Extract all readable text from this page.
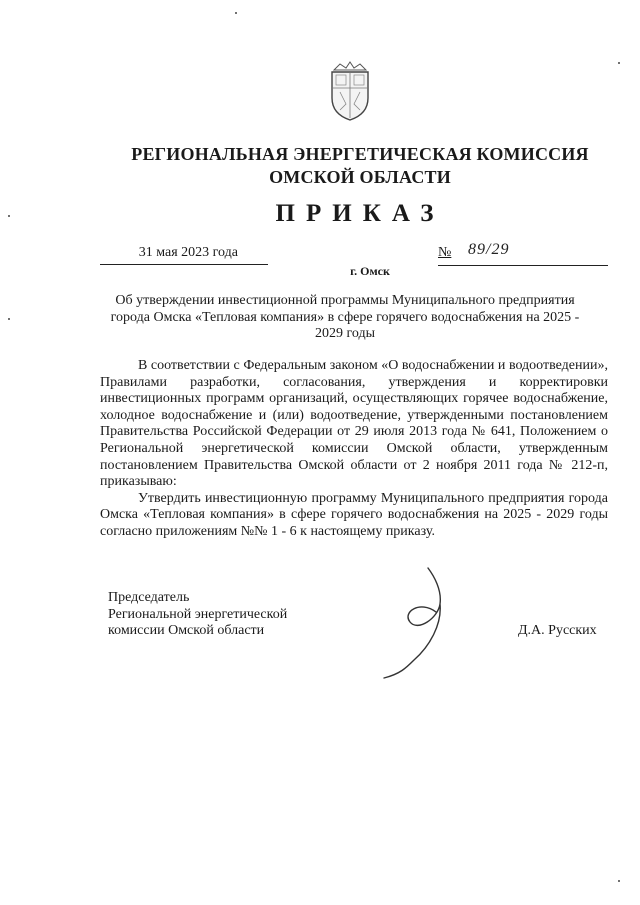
РЕГИОНАЛЬНАЯ ЭНЕРГЕТИЧЕСКАЯ КОМИССИЯ
ОМСКОЙ ОБЛАСТИ
ПРИКАЗ
31 мая 2023 года	№ 89/29
г. Омск
Об утверждении инвестиционной программы Муниципального предприятия города Омска «Тепловая компания» в сфере горячего водоснабжения на 2025 - 2029 годы

В соответствии с Федеральным законом «О водоснабжении и водоотведении», Правилами разработки, согласования, утверждения и корректировки инвестиционных программ организаций, осуществляющих горячее водоснабжение, холодное водоснабжение и (или) водоотведение, утвержденными постановлением Правительства Российской Федерации от 29 июля 2013 года № 641, Положением о Региональной энергетической комиссии Омской области, утвержденным постановлением Правительства Омской области от 2 ноября 2011 года № 212-п, приказываю:

Утвердить инвестиционную программу Муниципального предприятия города Омска «Тепловая компания» в сфере горячего водоснабжения на 2025 - 2029 годы согласно приложениям №№ 1 - 6 к настоящему приказу.

Председатель
Региональной энергетической
комиссии Омской области	Д.А. Русских
